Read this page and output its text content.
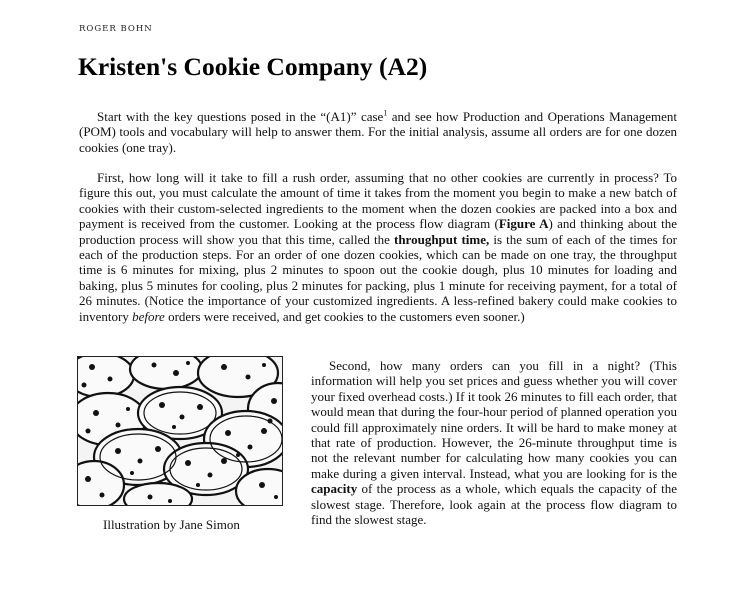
ROGER BOHN
Kristen's Cookie Company (A2)

Start with the key questions posed in the “(A1)” case$^1$ and see how Production and Operations Management (POM) tools and vocabulary will help to answer them. For the initial analysis, assume all orders are for one dozen cookies (one tray).

First, how long will it take to fill a rush order, assuming that no other cookies are currently in process? To figure this out, you must calculate the amount of time it takes from the moment you begin to make a new batch of cookies with their custom-selected ingredients to the moment when the dozen cookies are packed into a box and payment is received from the customer. Looking at the process flow diagram (Figure A) and thinking about the production process will show you that this time, called the throughput time, is the sum of each of the times for each of the production steps. For an order of one dozen cookies, which can be made on one tray, the throughput time is 6 minutes for mixing, plus 2 minutes to spoon out the cookie dough, plus 10 minutes for loading and baking, plus 5 minutes for cooling, plus 2 minutes for packing, plus 1 minute for receiving payment, for a total of 26 minutes. (Notice the importance of your customized ingredients. A less-refined bakery could make cookies to inventory before orders were received, and get cookies to the customers even sooner.)

Illustration by Jane Simon

Second, how many orders can you fill in a night? (This information will help you set prices and guess whether you will cover your fixed overhead costs.) If it took 26 minutes to fill each order, that would mean that during the four-hour period of planned operation you could fill approximately nine orders. It will be hard to make money at that rate of production. However, the 26-minute throughput time is not the relevant number for calculating how many cookies you can make during a given interval. Instead, what you are looking for is the capacity of the process as a whole, which equals the capacity of the slowest stage. Therefore, look again at the process flow diagram to find the slowest stage.
